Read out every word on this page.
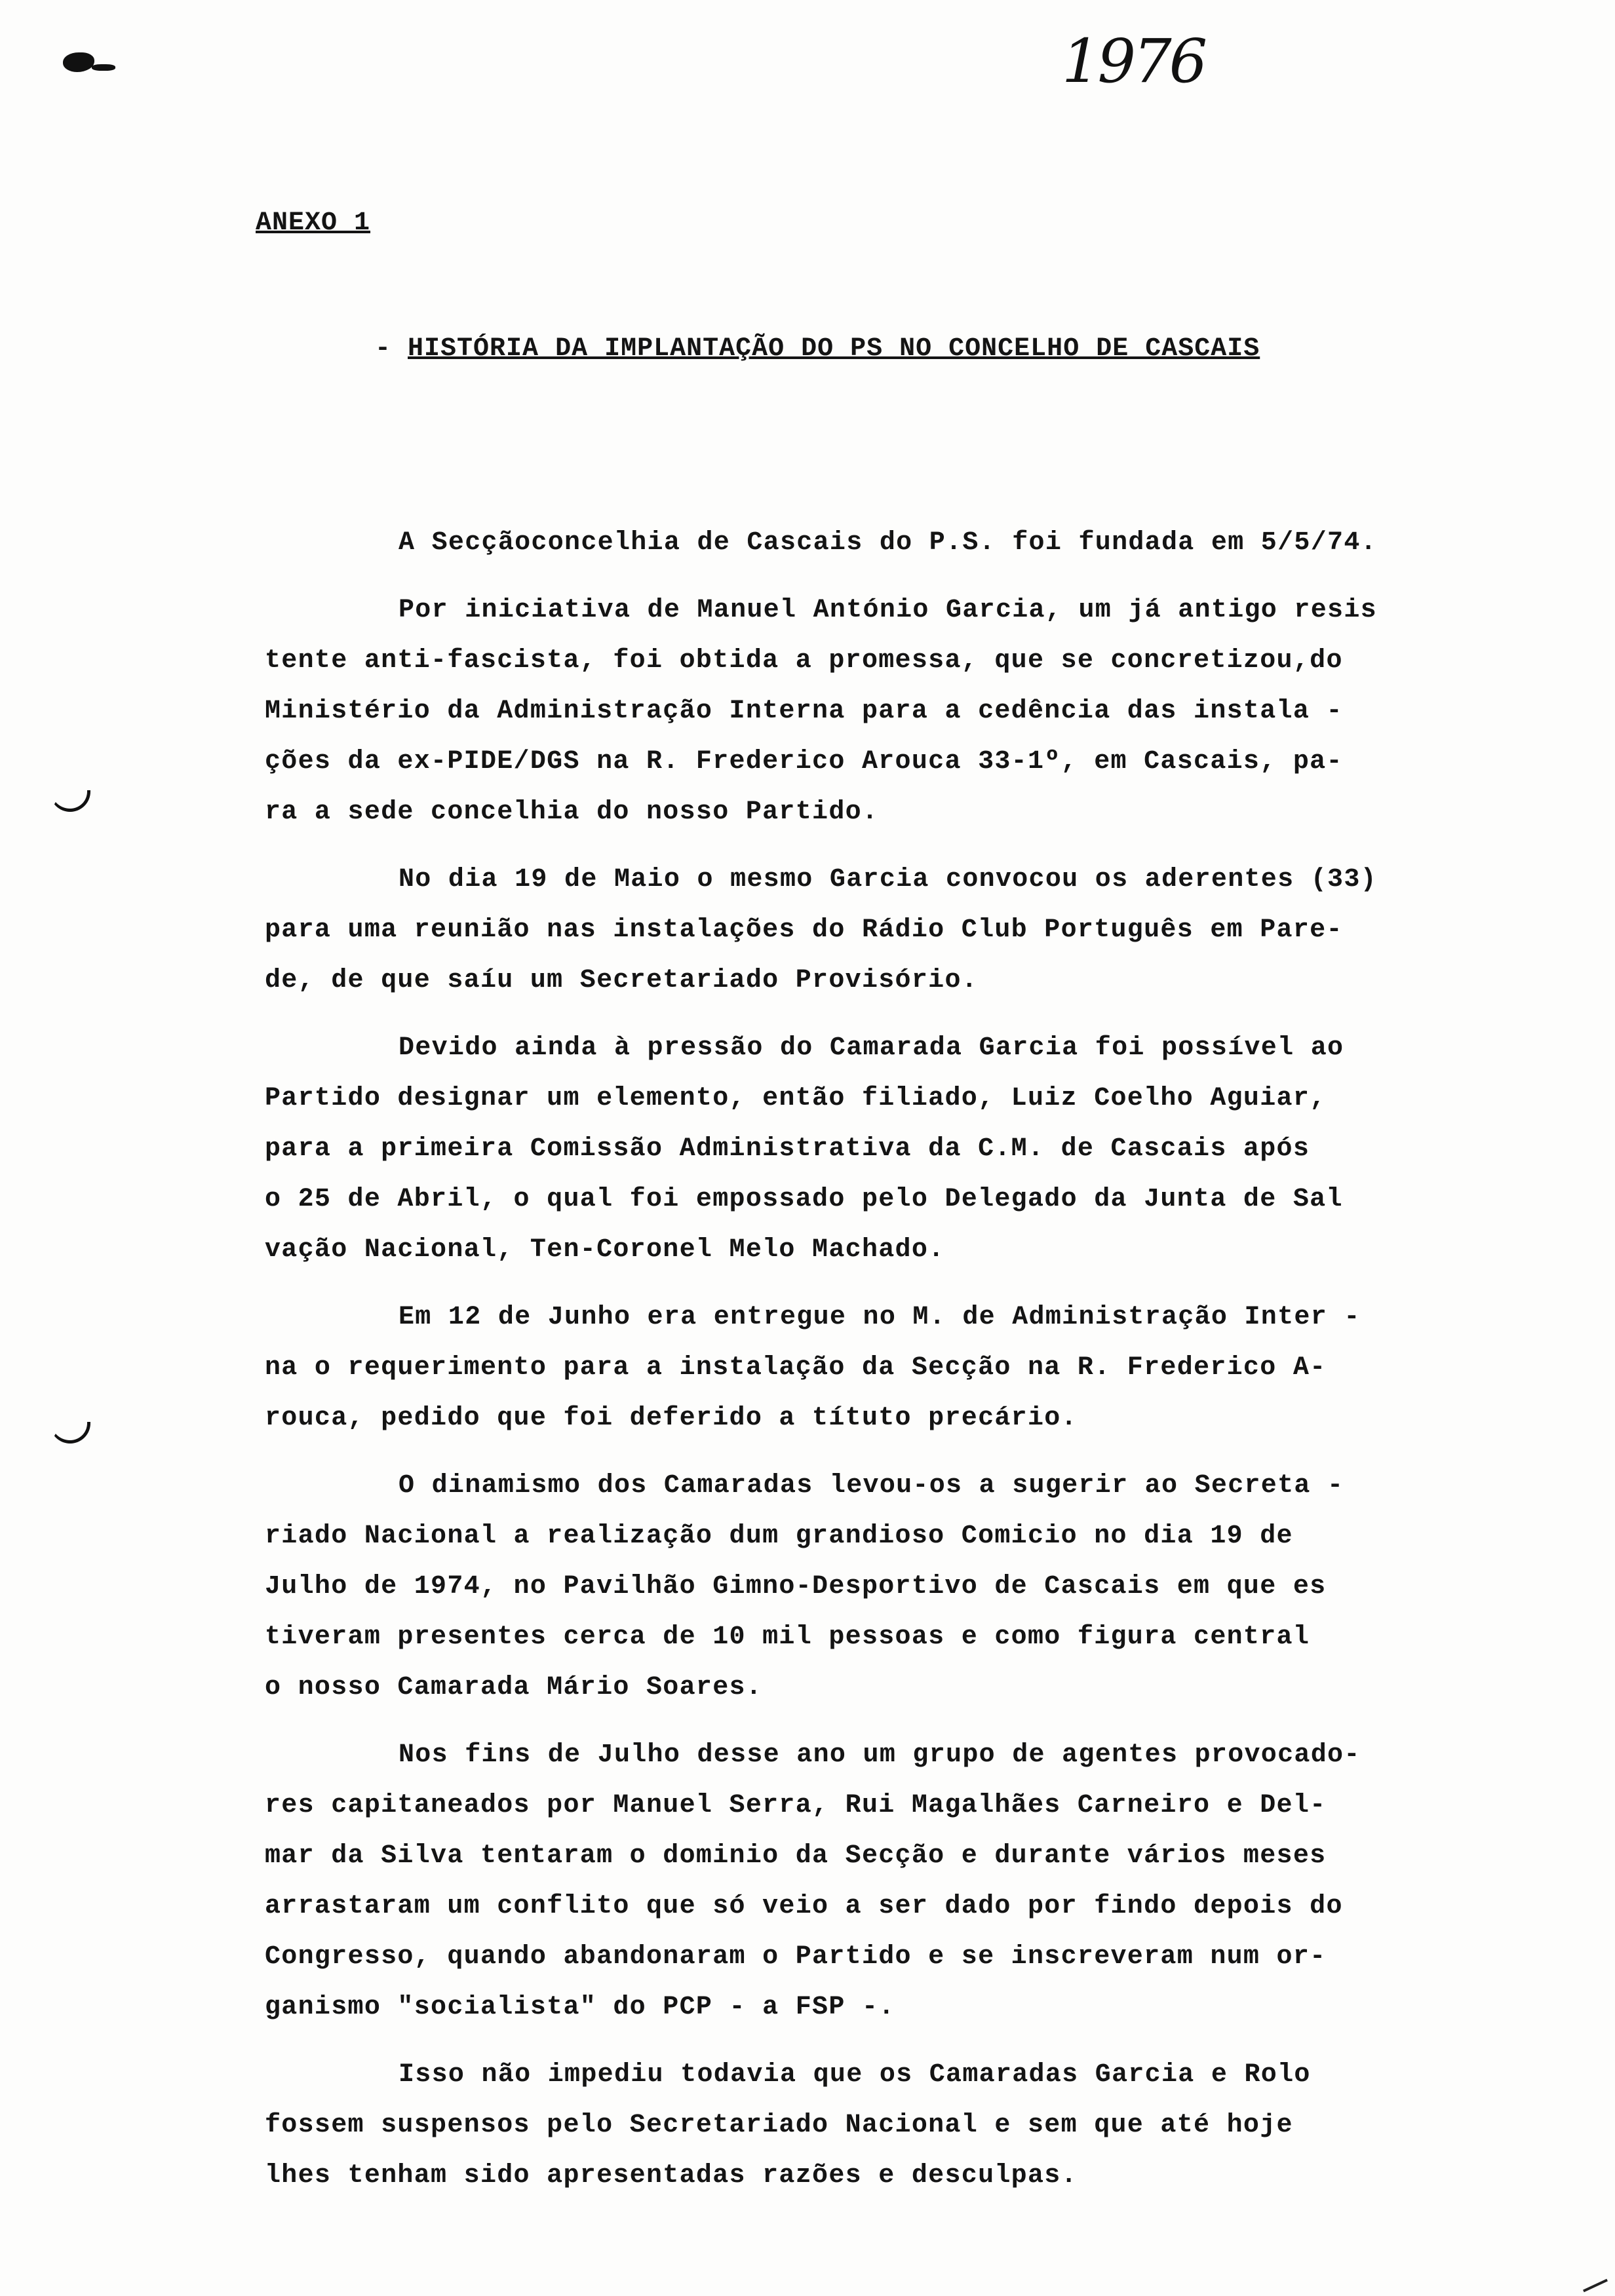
1976
ANEXO 1
- HISTÓRIA DA IMPLANTAÇÃO DO PS NO CONCELHO DE CASCAIS
A Secçãoconcelhia de Cascais do P.S. foi fundada em 5/5/74.
Por iniciativa de Manuel António Garcia, um já antigo resis
tente anti-fascista, foi obtida a promessa, que se concretizou,do
Ministério da Administração Interna para a cedência das instala -
ções da ex-PIDE/DGS na R. Frederico Arouca 33-1º, em Cascais, pa-
ra a sede concelhia do nosso Partido.
No dia 19 de Maio o mesmo Garcia convocou os aderentes (33)
para uma reunião nas instalações do Rádio Club Português em Pare-
de, de que saíu um Secretariado Provisório.
Devido ainda à pressão do Camarada Garcia foi possível ao
Partido designar um elemento, então filiado, Luiz Coelho Aguiar,
para a primeira Comissão Administrativa da C.M. de Cascais após
o 25 de Abril, o qual foi empossado pelo Delegado da Junta de Sal
vação Nacional, Ten-Coronel Melo Machado.
Em 12 de Junho era entregue no M. de Administração Inter -
na o requerimento para a instalação da Secção na R. Frederico A-
rouca, pedido que foi deferido a títuto precário.
O dinamismo dos Camaradas levou-os a sugerir ao Secreta -
riado Nacional a realização dum grandioso Comicio no dia 19 de
Julho de 1974, no Pavilhão Gimno-Desportivo de Cascais em que es
tiveram presentes cerca de 10 mil pessoas e como figura central
o nosso Camarada Mário Soares.
Nos fins de Julho desse ano um grupo de agentes provocado-
res capitaneados por Manuel Serra, Rui Magalhães Carneiro e Del-
mar da Silva tentaram o dominio da Secção e durante vários meses
arrastaram um conflito que só veio a ser dado por findo depois do
Congresso, quando abandonaram o Partido e se inscreveram num or-
ganismo "socialista" do PCP - a FSP -.
Isso não impediu todavia que os Camaradas Garcia e Rolo
fossem suspensos pelo Secretariado Nacional e sem que até hoje
lhes tenham sido apresentadas razões e desculpas.
